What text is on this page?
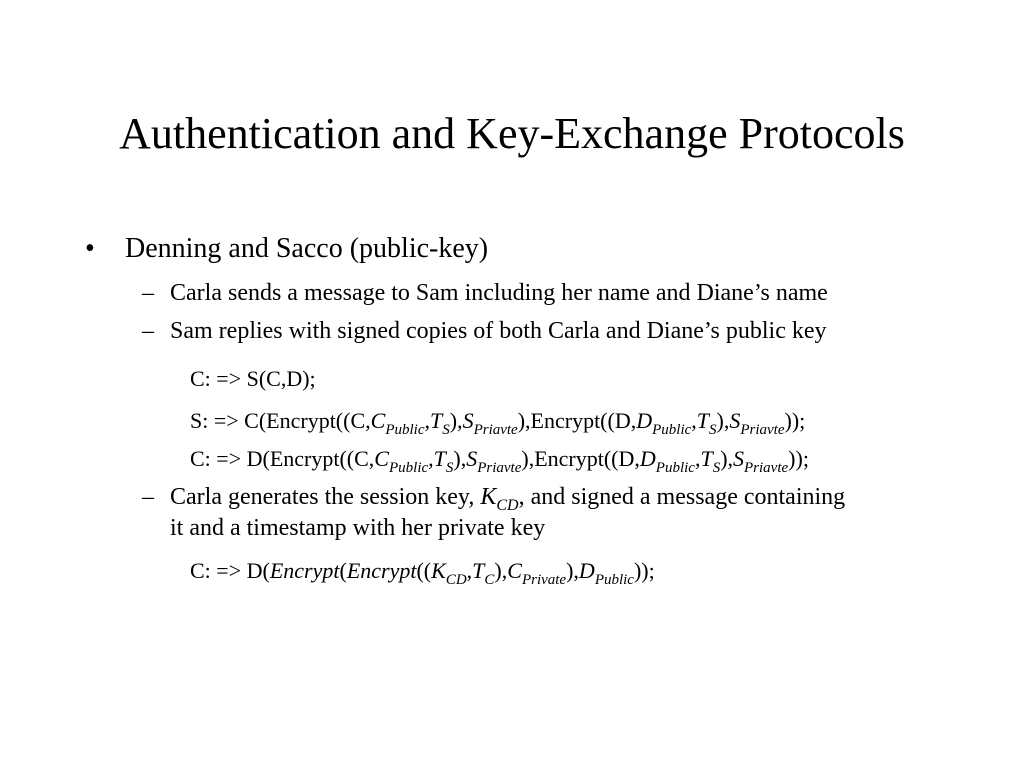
Authentication and Key-Exchange Protocols
• Denning and Sacco (public-key)
– Carla sends a message to Sam including her name and Diane’s name
– Sam replies with signed copies of both Carla and Diane’s public key
C: => S(C,D);
S: => $C(Encrypt((C,C_{Public},T_S),S_{Priavte}),Encrypt((D,D_{Public},T_S),S_{Priavte}))$;
C: => $D(Encrypt((C,C_{Public},T_S),S_{Priavte}),Encrypt((D,D_{Public},T_S),S_{Priavte}))$;
– Carla generates the session key, $K_{CD}$, and signed a message containing
it and a timestamp with her private key
C: => $D(Encrypt(Encrypt((K_{CD},T_C),C_{Private}),D_{Public}))$;
